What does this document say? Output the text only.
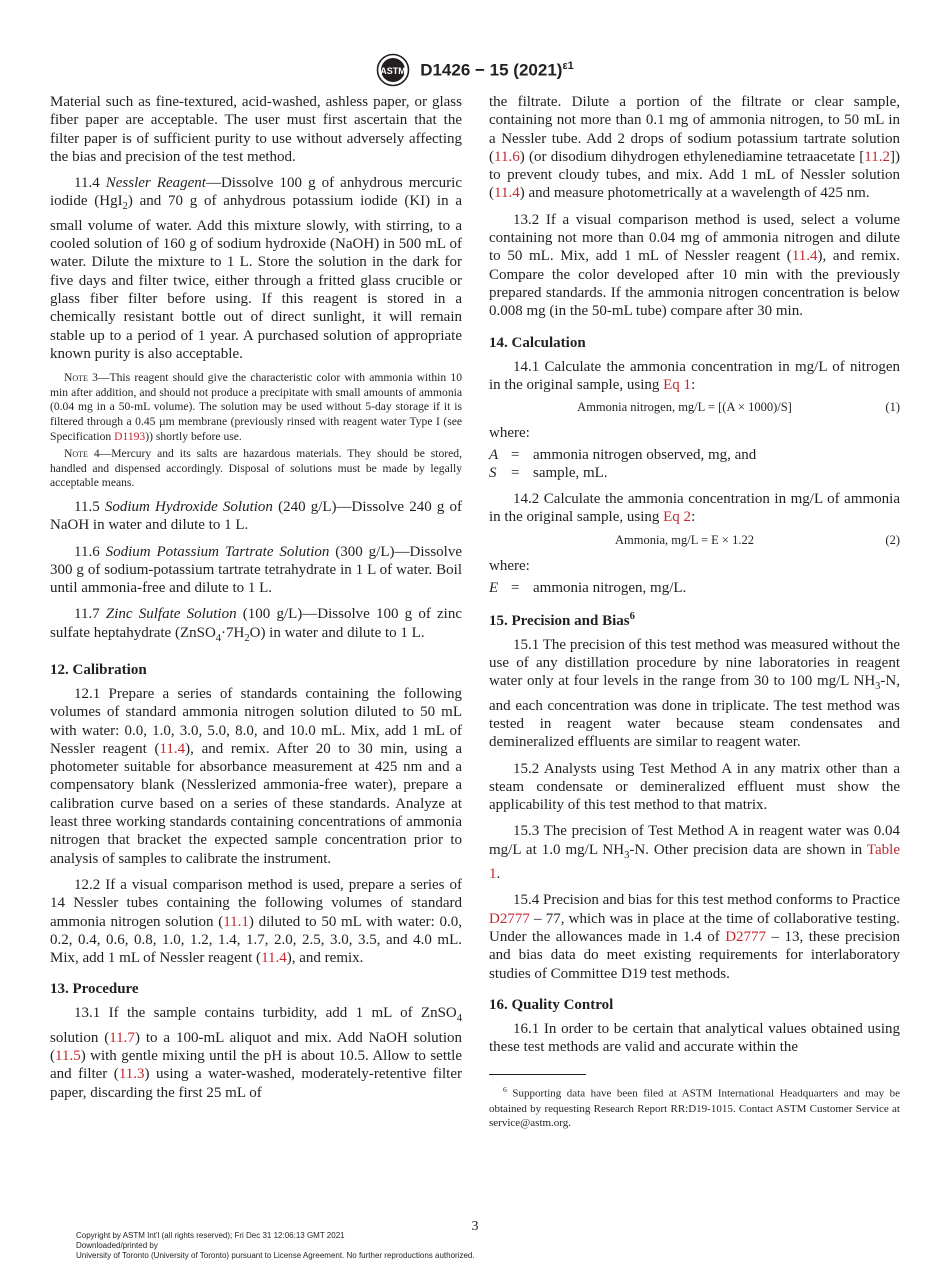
ASTM D1426 − 15 $(2021)^{\varepsilon 1}$

Material such as fine-textured, acid-washed, ashless paper, or glass fiber paper are acceptable. The user must first ascertain that the filter paper is of sufficient purity to use without adversely affecting the bias and precision of the test method.

11.4 Nessler Reagent—Dissolve 100 g of anhydrous mercuric iodide (HgI$_2$) and 70 g of anhydrous potassium iodide (KI) in a small volume of water. Add this mixture slowly, with stirring, to a cooled solution of 160 g of sodium hydroxide (NaOH) in 500 mL of water. Dilute the mixture to 1 L. Store the solution in the dark for five days and filter twice, either through a fritted glass crucible or glass fiber filter before using. If this reagent is stored in a chemically resistant bottle out of direct sunlight, it will remain stable up to a period of 1 year. A purchased solution of appropriate known purity is also acceptable.

Note 3—This reagent should give the characteristic color with ammonia within 10 min after addition, and should not produce a precipitate with small amounts of ammonia (0.04 mg in a 50-mL volume). The solution may be used without 5-day storage if it is filtered through a 0.45 µm membrane (previously rinsed with reagent water Type I (see Specification D1193)) shortly before use.
Note 4—Mercury and its salts are hazardous materials. They should be stored, handled and dispensed accordingly. Disposal of solutions must be made by legally acceptable means.

11.5 Sodium Hydroxide Solution (240 g/L)—Dissolve 240 g of NaOH in water and dilute to 1 L.

11.6 Sodium Potassium Tartrate Solution (300 g/L)—Dissolve 300 g of sodium-potassium tartrate tetrahydrate in 1 L of water. Boil until ammonia-free and dilute to 1 L.

11.7 Zinc Sulfate Solution (100 g/L)—Dissolve 100 g of zinc sulfate heptahydrate $(ZnSO_4\cdot 7H_2O)$ in water and dilute to 1 L.

12. Calibration

12.1 Prepare a series of standards containing the following volumes of standard ammonia nitrogen solution diluted to 50 mL with water: 0.0, 1.0, 3.0, 5.0, 8.0, and 10.0 mL. Mix, add 1 mL of Nessler reagent (11.4), and remix. After 20 to 30 min, using a photometer suitable for absorbance measurement at 425 nm and a compensatory blank (Nesslerized ammonia-free water), prepare a calibration curve based on a series of these standards. Analyze at least three working standards containing concentrations of ammonia nitrogen that bracket the expected sample concentration prior to analysis of samples to calibrate the instrument.

12.2 If a visual comparison method is used, prepare a series of 14 Nessler tubes containing the following volumes of standard ammonia nitrogen solution (11.1) diluted to 50 mL with water: 0.0, 0.2, 0.4, 0.6, 0.8, 1.0, 1.2, 1.4, 1.7, 2.0, 2.5, 3.0, 3.5, and 4.0 mL. Mix, add 1 mL of Nessler reagent (11.4), and remix.

13. Procedure

13.1 If the sample contains turbidity, add 1 mL of ZnSO$_4$ solution (11.7) to a 100-mL aliquot and mix. Add NaOH solution (11.5) with gentle mixing until the pH is about 10.5. Allow to settle and filter (11.3) using a water-washed, moderately-retentive filter paper, discarding the first 25 mL of

the filtrate. Dilute a portion of the filtrate or clear sample, containing not more than 0.1 mg of ammonia nitrogen, to 50 mL in a Nessler tube. Add 2 drops of sodium potassium tartrate solution (11.6) (or disodium dihydrogen ethylenediamine tetraacetate [11.2]) to prevent cloudy tubes, and mix. Add 1 mL of Nessler solution (11.4) and measure photometrically at a wavelength of 425 nm.

13.2 If a visual comparison method is used, select a volume containing not more than 0.04 mg of ammonia nitrogen and dilute to 50 mL. Mix, add 1 mL of Nessler reagent (11.4), and remix. Compare the color developed after 10 min with the previously prepared standards. If the ammonia nitrogen concentration is below 0.008 mg (in the 50-mL tube) compare after 30 min.

14. Calculation

14.1 Calculate the ammonia concentration in mg/L of nitrogen in the original sample, using Eq 1:

Ammonia nitrogen, mg/L = [(A × 1000)/S]	(1)
where:
A = ammonia nitrogen observed, mg, and
S = sample, mL.

14.2 Calculate the ammonia concentration in mg/L of ammonia in the original sample, using Eq 2:

Ammonia, mg/L = E × 1.22	(2)
where:
E = ammonia nitrogen, mg/L.
15. Precision and Bias$^6$

15.1 The precision of this test method was measured without the use of any distillation procedure by nine laboratories in reagent water only at four levels in the range from 30 to 100 mg/L $NH_3-N$, and each concentration was done in triplicate. The test method was tested in reagent water because steam condensates and demineralized effluents are similar to reagent water.

15.2 Analysts using Test Method A in any matrix other than a steam condensate or demineralized effluent must show the applicability of this test method to that matrix.

15.3 The precision of Test Method A in reagent water was 0.04 mg/L at 1.0 mg/L $NH_3-N$. Other precision data are shown in Table 1.

15.4 Precision and bias for this test method conforms to Practice D2777 – 77, which was in place at the time of collaborative testing. Under the allowances made in 1.4 of D2777 – 13, these precision and bias data do meet existing requirements for interlaboratory studies of Committee D19 test methods.

16. Quality Control

16.1 In order to be certain that analytical values obtained using these test methods are valid and accurate within the

$^6$ Supporting data have been filed at ASTM International Headquarters and may be obtained by requesting Research Report RR:D19-1015. Contact ASTM Customer Service at service@astm.org.
3
Copyright by ASTM Int'l (all rights reserved); Fri Dec 31 12:06:13 GMT 2021
Downloaded/printed by
University of Toronto (University of Toronto) pursuant to License Agreement. No further reproductions authorized.
